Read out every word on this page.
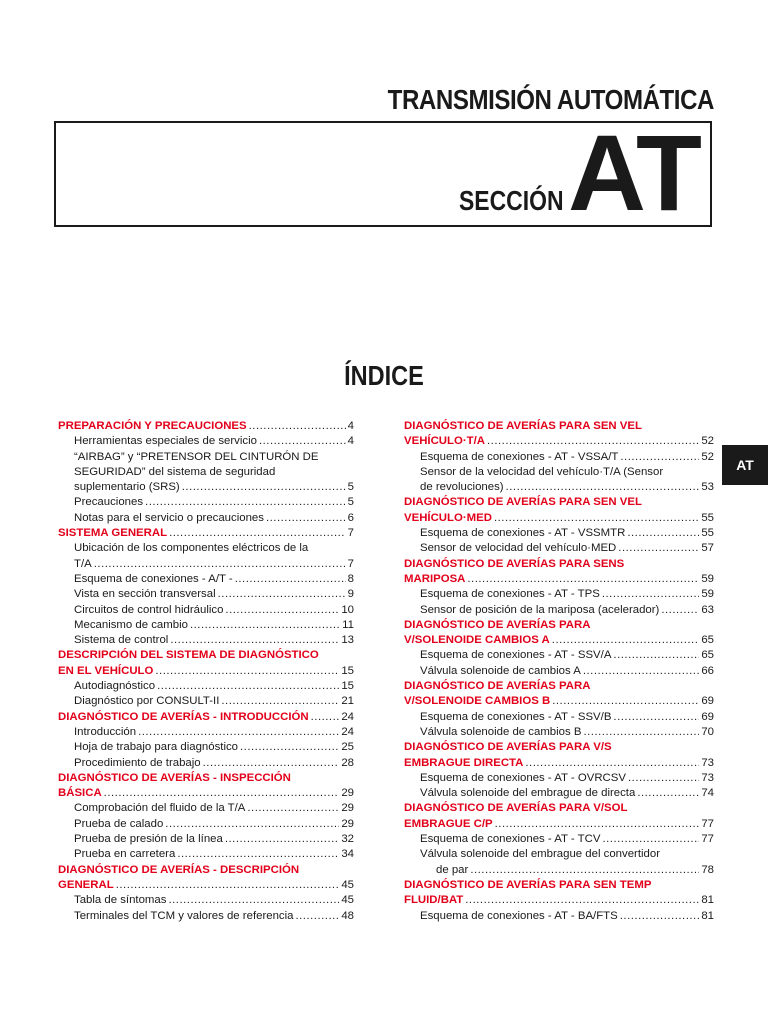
TRANSMISIÓN AUTOMÁTICA
SECCIÓN AT
ÍNDICE
AT
PREPARACIÓN Y PRECAUCIONES .....	4
Herramientas especiales de servicio .....	4
“AIRBAG” y “PRETENSOR DEL CINTURÓN DE
SEGURIDAD” del sistema de seguridad
suplementario (SRS) .....	5
Precauciones .....	5
Notas para el servicio o precauciones .....	6
SISTEMA GENERAL .....	7
Ubicación de los componentes eléctricos de la
T/A .....	7
Esquema de conexiones - A/T - .....	8
Vista en sección transversal .....	9
Circuitos de control hidráulico .....	10
Mecanismo de cambio .....	11
Sistema de control .....	13
DESCRIPCIÓN DEL SISTEMA DE DIAGNÓSTICO
EN EL VEHÍCULO .....	15
Autodiagnóstico .....	15
Diagnóstico por CONSULT-II .....	21
DIAGNÓSTICO DE AVERÍAS - INTRODUCCIÓN .....	24
Introducción .....	24
Hoja de trabajo para diagnóstico .....	25
Procedimiento de trabajo .....	28
DIAGNÓSTICO DE AVERÍAS - INSPECCIÓN
BÁSICA .....	29
Comprobación del fluido de la T/A .....	29
Prueba de calado .....	29
Prueba de presión de la línea .....	32
Prueba en carretera .....	34
DIAGNÓSTICO DE AVERÍAS - DESCRIPCIÓN
GENERAL .....	45
Tabla de síntomas .....	45
Terminales del TCM y valores de referencia .....	48
DIAGNÓSTICO DE AVERÍAS PARA SEN VEL
VEHÍCULO·T/A .....	52
Esquema de conexiones - AT - VSSA/T .....	52
Sensor de la velocidad del vehículo·T/A (Sensor
de revoluciones) .....	53
DIAGNÓSTICO DE AVERÍAS PARA SEN VEL
VEHÍCULO·MED .....	55
Esquema de conexiones - AT - VSSMTR .....	55
Sensor de velocidad del vehículo·MED .....	57
DIAGNÓSTICO DE AVERÍAS PARA SENS
MARIPOSA .....	59
Esquema de conexiones - AT - TPS .....	59
Sensor de posición de la mariposa (acelerador) .....	63
DIAGNÓSTICO DE AVERÍAS PARA
V/SOLENOIDE CAMBIOS A .....	65
Esquema de conexiones - AT - SSV/A .....	65
Válvula solenoide de cambios A .....	66
DIAGNÓSTICO DE AVERÍAS PARA
V/SOLENOIDE CAMBIOS B .....	69
Esquema de conexiones - AT - SSV/B .....	69
Válvula solenoide de cambios B .....	70
DIAGNÓSTICO DE AVERÍAS PARA V/S
EMBRAGUE DIRECTA .....	73
Esquema de conexiones - AT - OVRCSV .....	73
Válvula solenoide del embrague de directa .....	74
DIAGNÓSTICO DE AVERÍAS PARA V/SOL
EMBRAGUE C/P .....	77
Esquema de conexiones - AT - TCV .....	77
Válvula solenoide del embrague del convertidor
de par .....	78
DIAGNÓSTICO DE AVERÍAS PARA SEN TEMP
FLUID/BAT .....	81
Esquema de conexiones - AT - BA/FTS .....	81
